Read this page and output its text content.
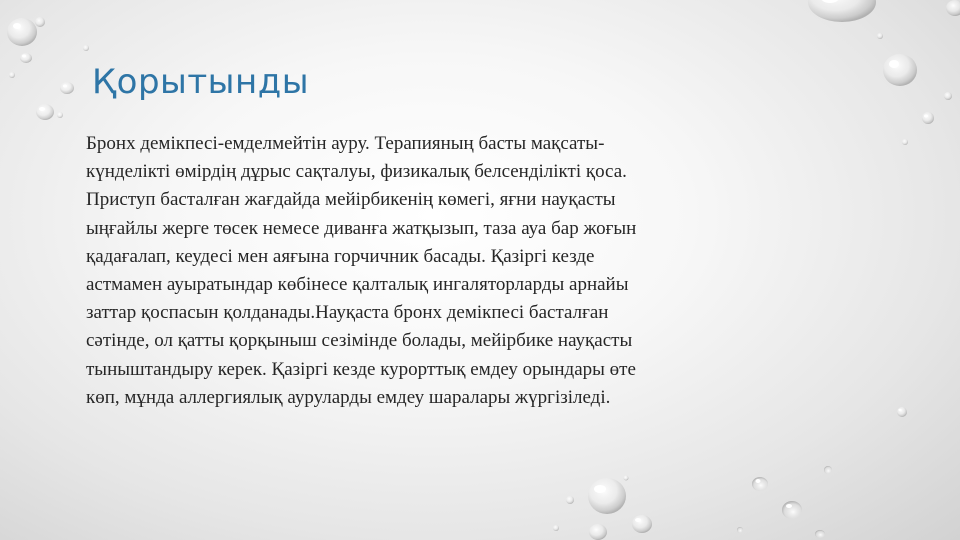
Қорытынды
Бронх демікпесі-емделмейтін ауру. Терапияның басты мақсаты-
күнделікті өмірдің дұрыс сақталуы, физикалық белсенділікті қоса.
Приступ басталған жағдайда мейірбикенің көмегі, яғни науқасты
ыңғайлы жерге төсек немесе диванға жатқызып, таза ауа бар жоғын
қадағалап, кеудесі мен аяғына горчичник басады. Қазіргі кезде
астмамен ауыратындар көбінесе қалталық ингаляторларды арнайы
заттар қоспасын қолданады.Науқаста бронх демікпесі басталған
сәтінде, ол қатты қорқыныш сезімінде болады, мейірбике науқасты
тыныштандыру керек. Қазіргі кезде курорттық емдеу орындары өте
көп, мұнда аллергиялық ауруларды емдеу шаралары жүргізіледі.
